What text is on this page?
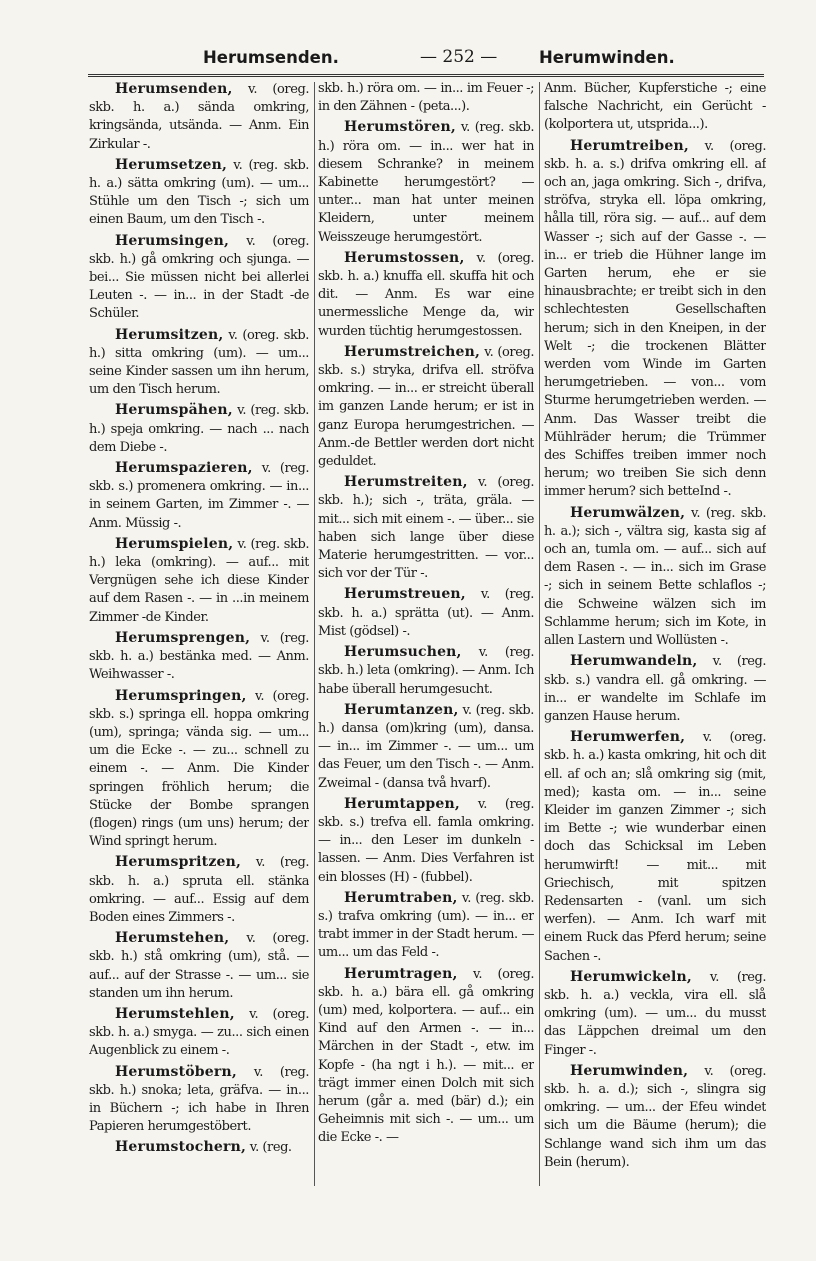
Herumsenden.	— 252 —	Herumwinden.
Herumsenden, v. (oreg. skb. h. a.) sända omkring, kringsända, utsända. — Anm. Ein Zirkular -.
Herumsetzen, v. (reg. skb. h. a.) sätta omkring (um). — um... Stühle um den Tisch -; sich um einen Baum, um den Tisch -.
Herumsingen, v. (oreg. skb. h.) gå omkring och sjunga. — bei... Sie müssen nicht bei allerlei Leuten -. — in... in der Stadt -de Schüler.
Herumsitzen, v. (oreg. skb. h.) sitta omkring (um). — um... seine Kinder sassen um ihn herum, um den Tisch herum.
Herumspähen, v. (reg. skb. h.) speja omkring. — nach ... nach dem Diebe -.
Herumspazieren, v. (reg. skb. s.) promenera omkring. — in... in seinem Garten, im Zimmer -. — Anm. Müssig -.
Herumspielen, v. (reg. skb. h.) leka (omkring). — auf... mit Vergnügen sehe ich diese Kinder auf dem Rasen -. — in ...in meinem Zimmer -de Kinder.
Herumsprengen, v. (reg. skb. h. a.) bestänka med. — Anm. Weihwasser -.
Herumspringen, v. (oreg. skb. s.) springa ell. hoppa omkring (um), springa; vända sig. — um... um die Ecke -. — zu... schnell zu einem -. — Anm. Die Kinder springen fröhlich herum; die Stücke der Bombe sprangen (flogen) rings (um uns) herum; der Wind springt herum.
Herumspritzen, v. (reg. skb. h. a.) spruta ell. stänka omkring. — auf... Essig auf dem Boden eines Zimmers -.
Herumstehen, v. (oreg. skb. h.) stå omkring (um), stå. — auf... auf der Strasse -. — um... sie standen um ihn herum.
Herumstehlen, v. (oreg. skb. h. a.) smyga. — zu... sich einen Augenblick zu einem -.
Herumstöbern, v. (reg. skb. h.) snoka; leta, gräfva. — in... in Büchern -; ich habe in Ihren Papieren herumgestöbert.
Herumstochern, v. (reg.
skb. h.) röra om. — in... im Feuer -; in den Zähnen - (peta...).
Herumstören, v. (reg. skb. h.) röra om. — in... wer hat in diesem Schranke? in meinem Kabinette herumgestört? — unter... man hat unter meinen Kleidern, unter meinem Weisszeuge herumgestört.
Herumstossen, v. (oreg. skb. h. a.) knuffa ell. skuffa hit och dit. — Anm. Es war eine unermessliche Menge da, wir wurden tüchtig herumgestossen.
Herumstreichen, v. (oreg. skb. s.) stryka, drifva ell. ströfva omkring. — in... er streicht überall im ganzen Lande herum; er ist in ganz Europa herumgestrichen. — Anm.-de Bettler werden dort nicht geduldet.
Herumstreiten, v. (oreg. skb. h.); sich -, träta, gräla. — mit... sich mit einem -. — über... sie haben sich lange über diese Materie herumgestritten. — vor... sich vor der Tür -.
Herumstreuen, v. (reg. skb. h. a.) sprätta (ut). — Anm. Mist (gödsel) -.
Herumsuchen, v. (reg. skb. h.) leta (omkring). — Anm. Ich habe überall herumgesucht.
Herumtanzen, v. (reg. skb. h.) dansa (om)kring (um), dansa. — in... im Zimmer -. — um... um das Feuer, um den Tisch -. — Anm. Zweimal - (dansa två hvarf).
Herumtappen, v. (reg. skb. s.) trefva ell. famla omkring. — in... den Leser im dunkeln - lassen. — Anm. Dies Verfahren ist ein blosses (H) - (fubbel).
Herumtraben, v. (reg. skb. s.) trafva omkring (um). — in... er trabt immer in der Stadt herum. — um... um das Feld -.
Herumtragen, v. (oreg. skb. h. a.) bära ell. gå omkring (um) med, kolportera. — auf... ein Kind auf den Armen -. — in... Märchen in der Stadt -, etw. im Kopfe - (ha ngt i h.). — mit... er trägt immer einen Dolch mit sich herum (går a. med (bär) d.); ein Geheimnis mit sich -. — um... um die Ecke -. —
Anm. Bücher, Kupferstiche -; eine falsche Nachricht, ein Gerücht - (kolportera ut, utsprida...).
Herumtreiben, v. (oreg. skb. h. a. s.) drifva omkring ell. af och an, jaga omkring. Sich -, drifva, ströfva, stryka ell. löpa omkring, hålla till, röra sig. — auf... auf dem Wasser -; sich auf der Gasse -. — in... er trieb die Hühner lange im Garten herum, ehe er sie hinausbrachte; er treibt sich in den schlechtesten Gesellschaften herum; sich in den Kneipen, in der Welt -; die trockenen Blätter werden vom Winde im Garten herumgetrieben. — von... vom Sturme herumgetrieben werden. — Anm. Das Wasser treibt die Mühlräder herum; die Trümmer des Schiffes treiben immer noch herum; wo treiben Sie sich denn immer herum? sich betteInd -.
Herumwälzen, v. (reg. skb. h. a.); sich -, vältra sig, kasta sig af och an, tumla om. — auf... sich auf dem Rasen -. — in... sich im Grase -; sich in seinem Bette schlaflos -; die Schweine wälzen sich im Schlamme herum; sich im Kote, in allen Lastern und Wollüsten -.
Herumwandeln, v. (reg. skb. s.) vandra ell. gå omkring. — in... er wandelte im Schlafe im ganzen Hause herum.
Herumwerfen, v. (oreg. skb. h. a.) kasta omkring, hit och dit ell. af och an; slå omkring sig (mit, med); kasta om. — in... seine Kleider im ganzen Zimmer -; sich im Bette -; wie wunderbar einen doch das Schicksal im Leben herumwirft! — mit... mit Griechisch, mit spitzen Redensarten - (vanl. um sich werfen). — Anm. Ich warf mit einem Ruck das Pferd herum; seine Sachen -.
Herumwickeln, v. (reg. skb. h. a.) veckla, vira ell. slå omkring (um). — um... du musst das Läppchen dreimal um den Finger -.
Herumwinden, v. (oreg. skb. h. a. d.); sich -, slingra sig omkring. — um... der Efeu windet sich um die Bäume (herum); die Schlange wand sich ihm um das Bein (herum).
